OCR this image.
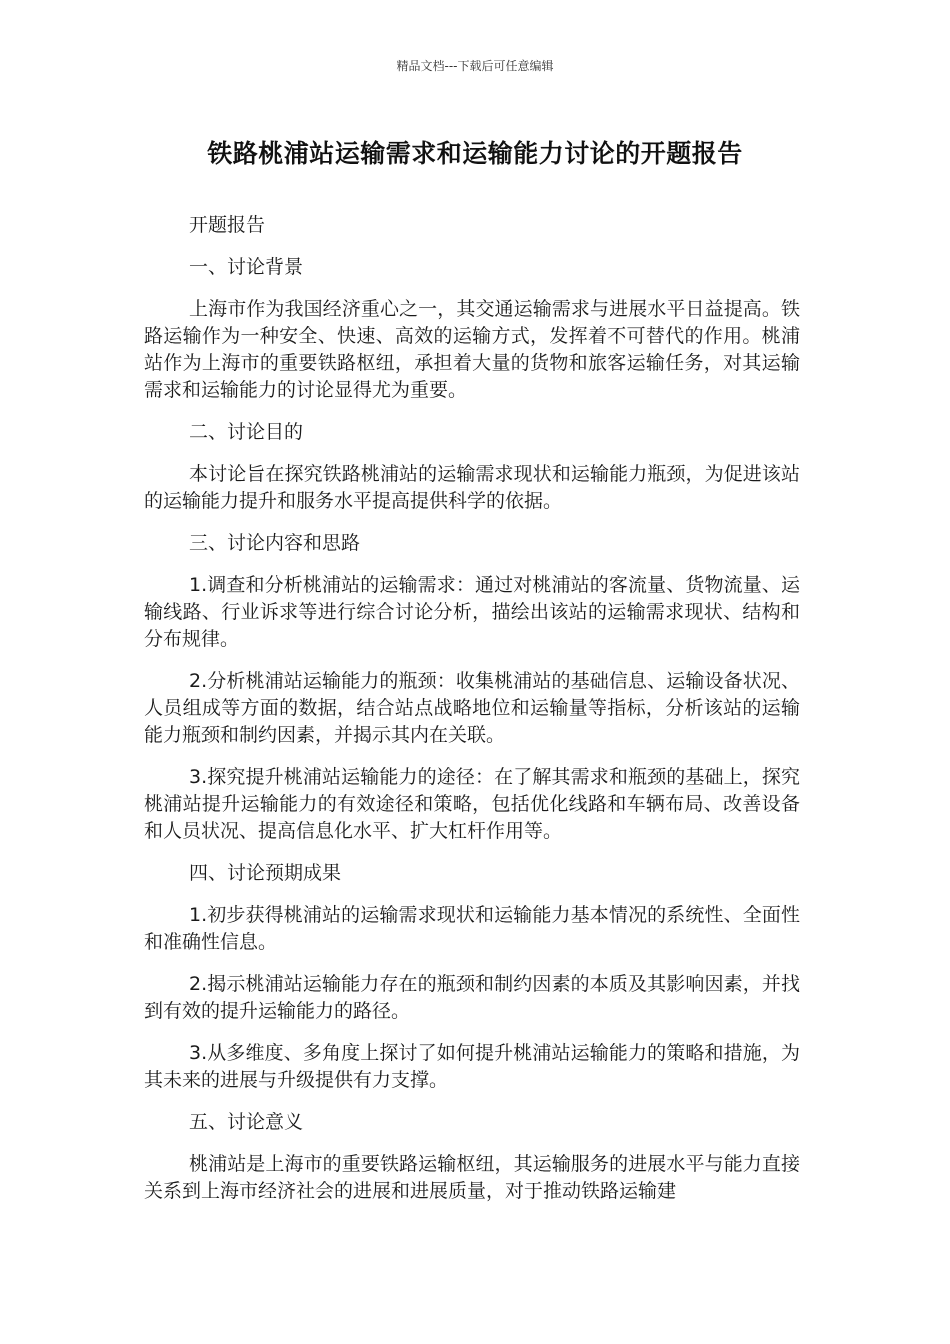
精品文档---下载后可任意编辑
铁路桃浦站运输需求和运输能力讨论的开题报告

开题报告

一、讨论背景

上海市作为我国经济重心之一，其交通运输需求与进展水平日益提高。铁路运输作为一种安全、快速、高效的运输方式，发挥着不可替代的作用。桃浦站作为上海市的重要铁路枢纽，承担着大量的货物和旅客运输任务，对其运输需求和运输能力的讨论显得尤为重要。

二、讨论目的

本讨论旨在探究铁路桃浦站的运输需求现状和运输能力瓶颈，为促进该站的运输能力提升和服务水平提高提供科学的依据。

三、讨论内容和思路

1.调查和分析桃浦站的运输需求：通过对桃浦站的客流量、货物流量、运输线路、行业诉求等进行综合讨论分析，描绘出该站的运输需求现状、结构和分布规律。

2.分析桃浦站运输能力的瓶颈：收集桃浦站的基础信息、运输设备状况、人员组成等方面的数据，结合站点战略地位和运输量等指标，分析该站的运输能力瓶颈和制约因素，并揭示其内在关联。

3.探究提升桃浦站运输能力的途径：在了解其需求和瓶颈的基础上，探究桃浦站提升运输能力的有效途径和策略，包括优化线路和车辆布局、改善设备和人员状况、提高信息化水平、扩大杠杆作用等。

四、讨论预期成果

1.初步获得桃浦站的运输需求现状和运输能力基本情况的系统性、全面性和准确性信息。

2.揭示桃浦站运输能力存在的瓶颈和制约因素的本质及其影响因素，并找到有效的提升运输能力的路径。

3.从多维度、多角度上探讨了如何提升桃浦站运输能力的策略和措施，为其未来的进展与升级提供有力支撑。

五、讨论意义

桃浦站是上海市的重要铁路运输枢纽，其运输服务的进展水平与能力直接关系到上海市经济社会的进展和进展质量，对于推动铁路运输建
